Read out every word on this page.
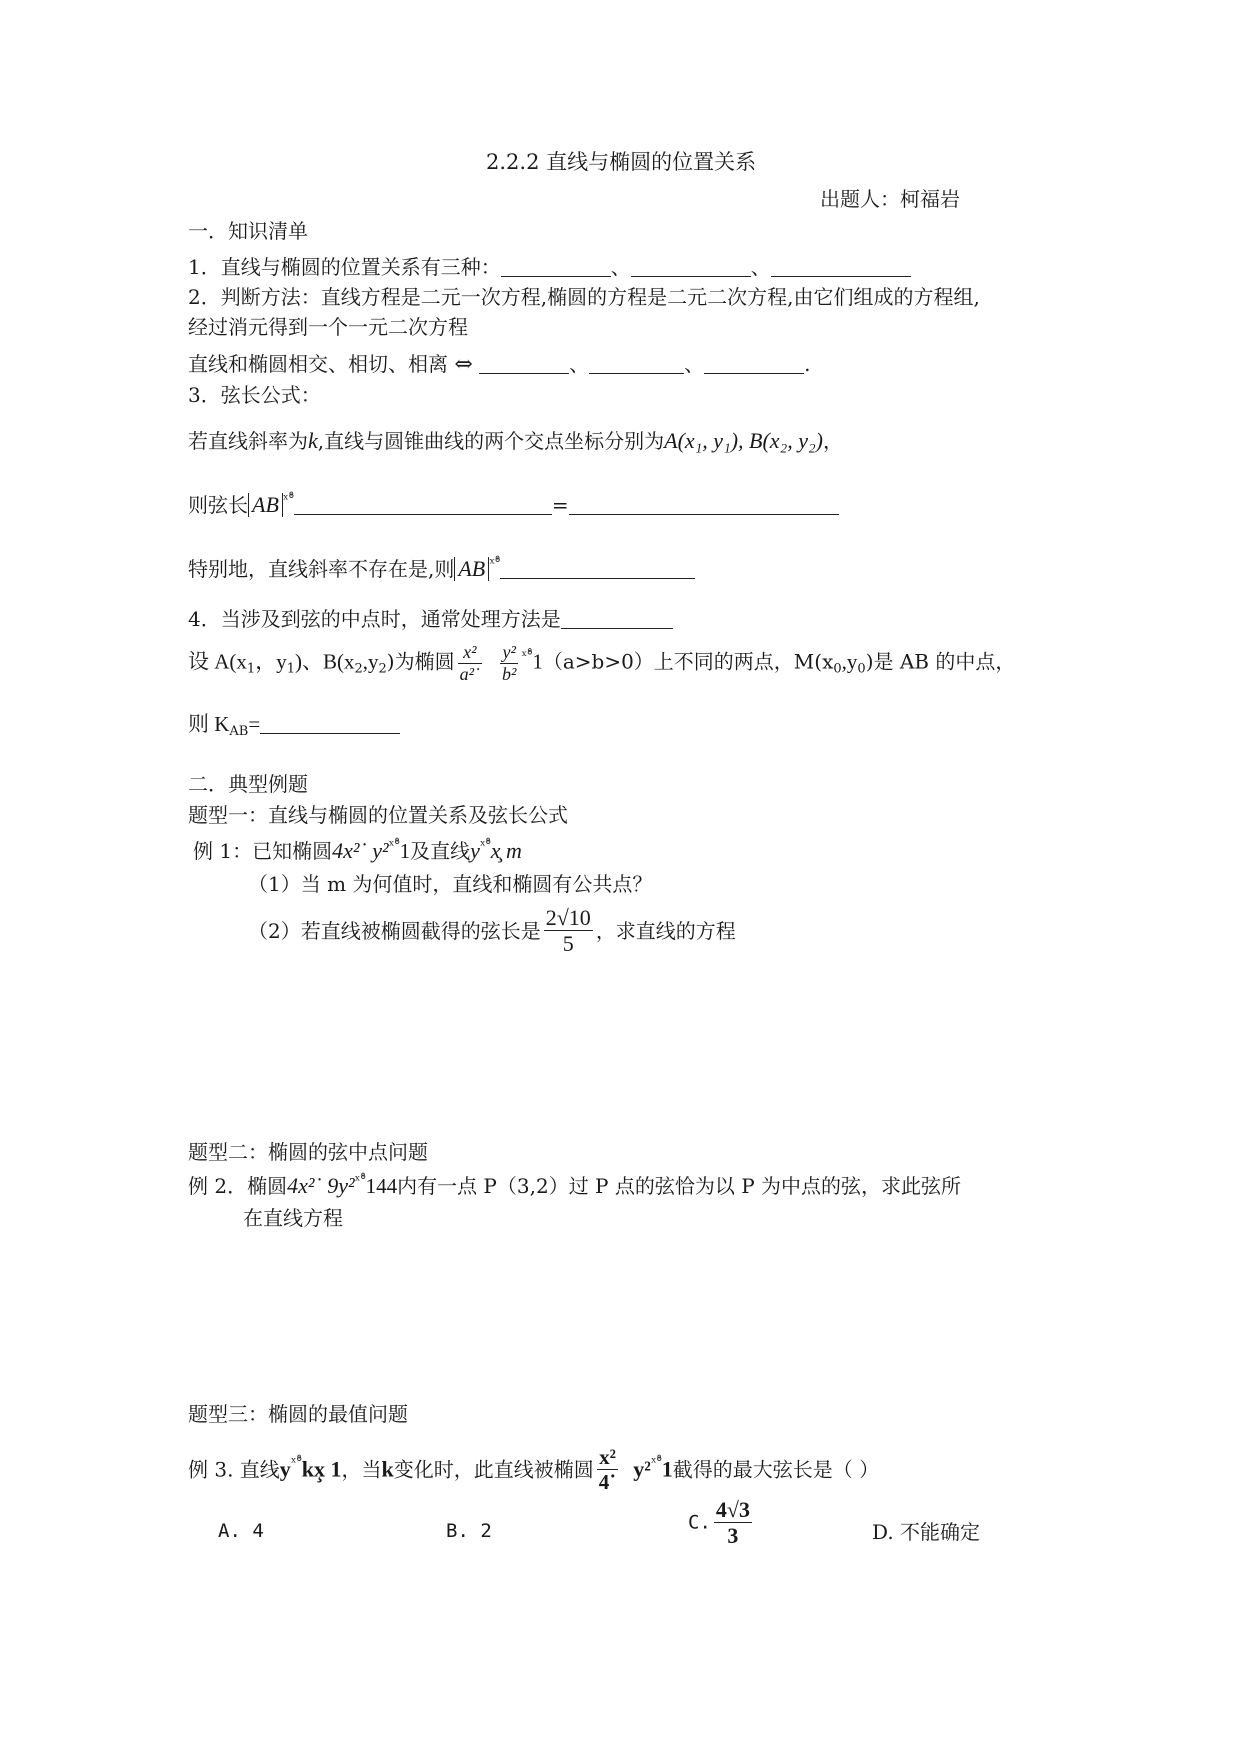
2.2.2 直线与椭圆的位置关系
出题人：柯福岩
一．知识清单
1．直线与椭圆的位置关系有三种：	、	、
2．判断方法：直线方程是二元一次方程,椭圆的方程是二元二次方程,由它们组成的方程组,
经过消元得到一个一元二次方程
直线和椭圆相交、相切、相离 ⇔	、	、	.
3．弦长公式：
若直线斜率为k,直线与圆锥曲线的两个交点坐标分别为A(x₁, y₁), B(x₂, y₂)，
则弦长 AB $^{ˣ^\circ̊}$	=
特别地，直线斜率不存在是,则 AB $^{ˣ^\circ̊}$
4．当涉及到弦的中点时，通常处理方法是
设 $A(x_1$，$y_1$)、$B(x_2,y_2)$为椭圆 $\frac{\text{x²}}{\text{a²˙}} \frac{\text{y²}}{\text{b²}} ^{ˣ^\circ̊}1(a>b>0)$上不同的两点，$M(x_0,y_0)$是 AB 的中点，
则 $K_{AB}=$
二．典型例题
题型一：直线与椭圆的位置关系及弦长公式
例 1：已知椭圆4x²˙ y²$^{ˣ^\circ̊}$1及直线$y^{ˣ^\circ̊}x̧$ m
（1）当 m 为何值时，直线和椭圆有公共点？
（2）若直线被椭圆截得的弦长是 $\frac{2√10}{5}$ ，求直线的方程
题型二：椭圆的弦中点问题
例 2．椭圆4x²˙ 9y²$^{ˣ^\circ̊}$144内有一点 P（3,2）过 P 点的弦恰为以 P 为中点的弦，求此弦所
在直线方程
题型三：椭圆的最值问题
例 3. 直线$y^{ˣ^\circ̊}kx̧$ 1，当k变化时，此直线被椭圆 $\frac{\text{x²}}{4˙} y^2^{ˣ^\circ̊}1$截得的最大弦长是（ ）
A. 4	B. 2	C. $\frac{4√3}{3}$	D. 不能确定
